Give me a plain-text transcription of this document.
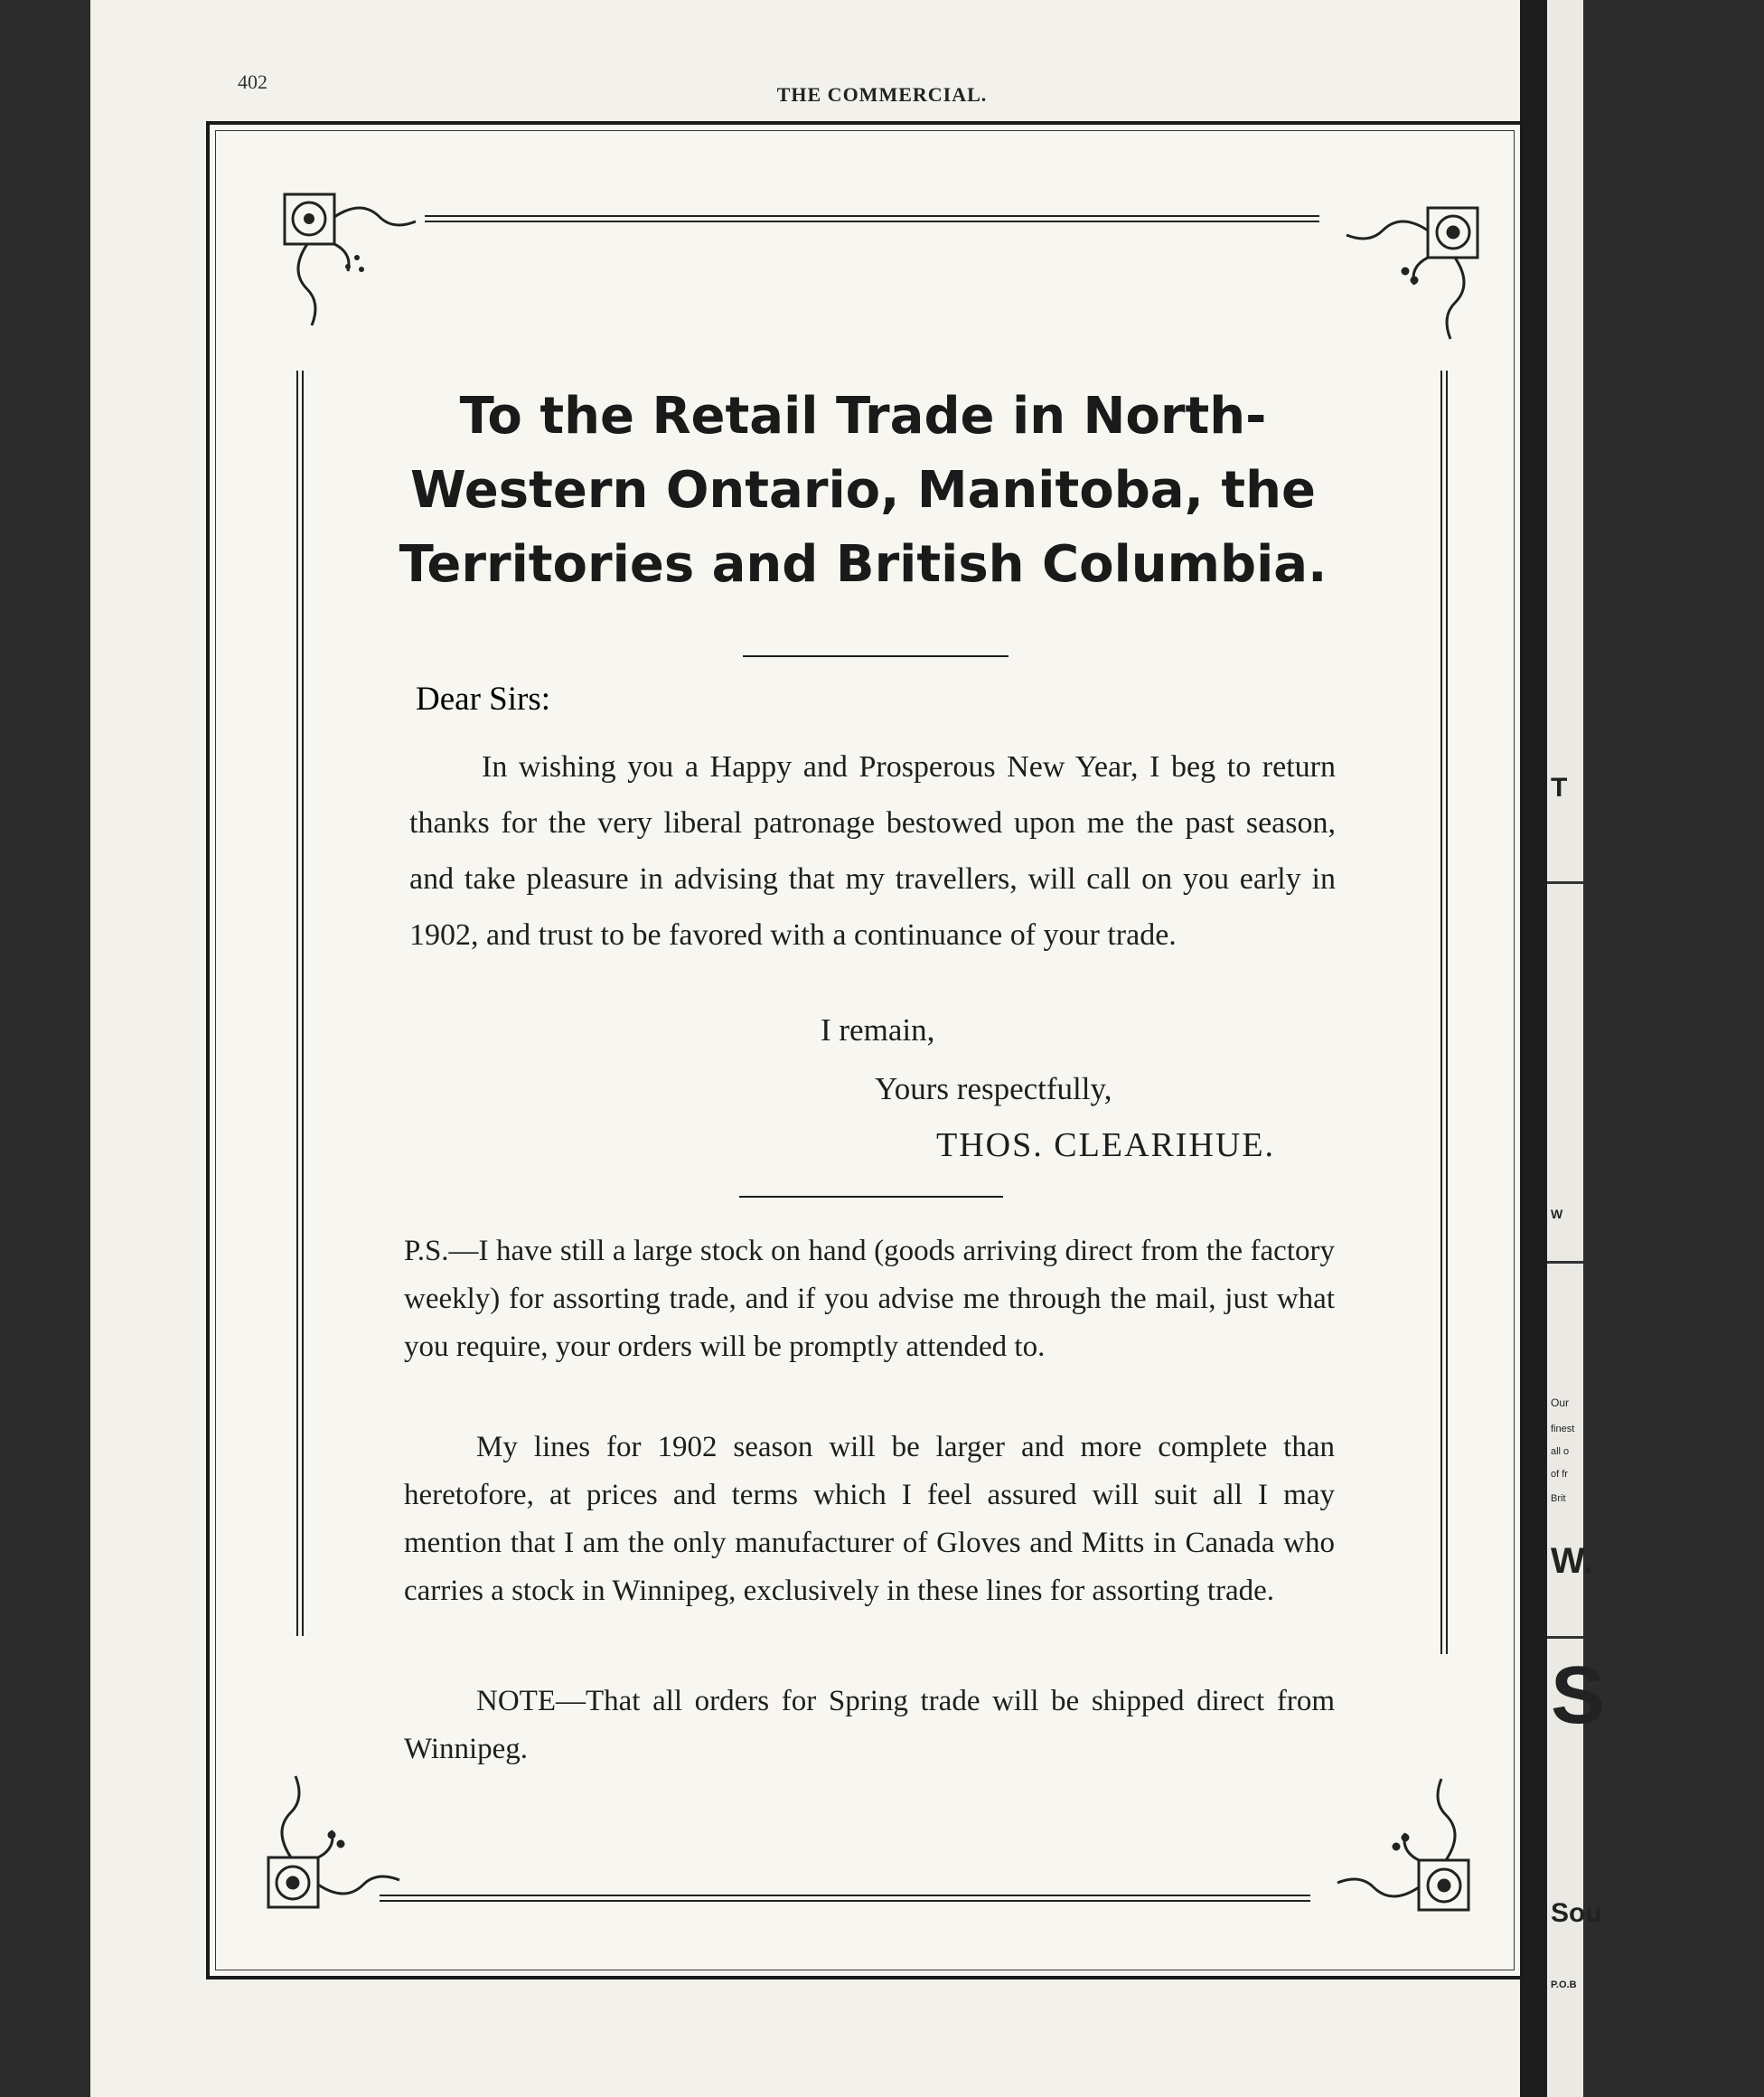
T
W
Our
finest
all o
of fr
Brit
W.
S
Sou
P.O.B
402
THE COMMERCIAL.
To the Retail Trade in North-Western Ontario, Manitoba, the Territories and British Columbia.
Dear Sirs:
In wishing you a Happy and Prosperous New Year, I beg to return thanks for the very liberal patronage bestowed upon me the past season, and take pleasure in advising that my travellers, will call on you early in 1902, and trust to be favored with a continuance of your trade.
I remain,
Yours respectfully,
THOS. CLEARIHUE.
P.S.—I have still a large stock on hand (goods arriving direct from the factory weekly) for assorting trade, and if you advise me through the mail, just what you require, your orders will be promptly attended to.
My lines for 1902 season will be larger and more complete than heretofore, at prices and terms which I feel assured will suit all I may mention that I am the only manufacturer of Gloves and Mitts in Canada who carries a stock in Winnipeg, exclusively in these lines for assorting trade.
NOTE—That all orders for Spring trade will be shipped direct from Winnipeg.
